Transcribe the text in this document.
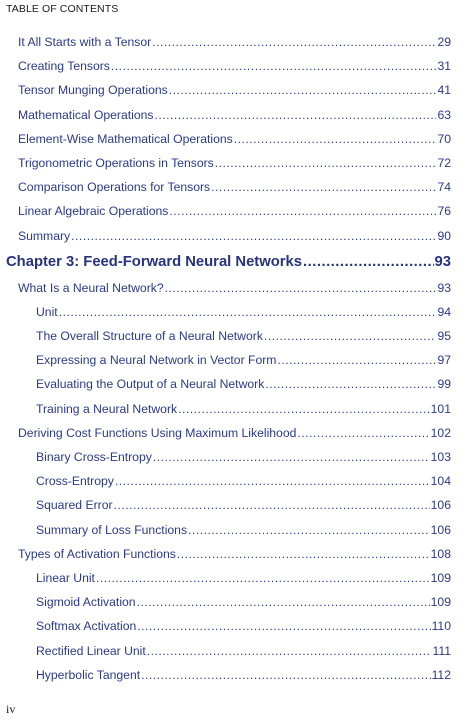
TABLE OF CONTENTS
It All Starts with a Tensor .....	29
Creating Tensors .....	31
Tensor Munging Operations .....	41
Mathematical Operations .....	63
Element-Wise Mathematical Operations .....	70
Trigonometric Operations in Tensors .....	72
Comparison Operations for Tensors .....	74
Linear Algebraic Operations .....	76
Summary .....	90
Chapter 3: Feed-Forward Neural Networks .....	93
What Is a Neural Network? .....	93
Unit .....	94
The Overall Structure of a Neural Network .....	95
Expressing a Neural Network in Vector Form .....	97
Evaluating the Output of a Neural Network .....	99
Training a Neural Network .....	101
Deriving Cost Functions Using Maximum Likelihood .....	102
Binary Cross-Entropy .....	103
Cross-Entropy .....	104
Squared Error .....	106
Summary of Loss Functions .....	106
Types of Activation Functions .....	108
Linear Unit .....	109
Sigmoid Activation .....	109
Softmax Activation .....	110
Rectified Linear Unit .....	111
Hyperbolic Tangent .....	112
iv
